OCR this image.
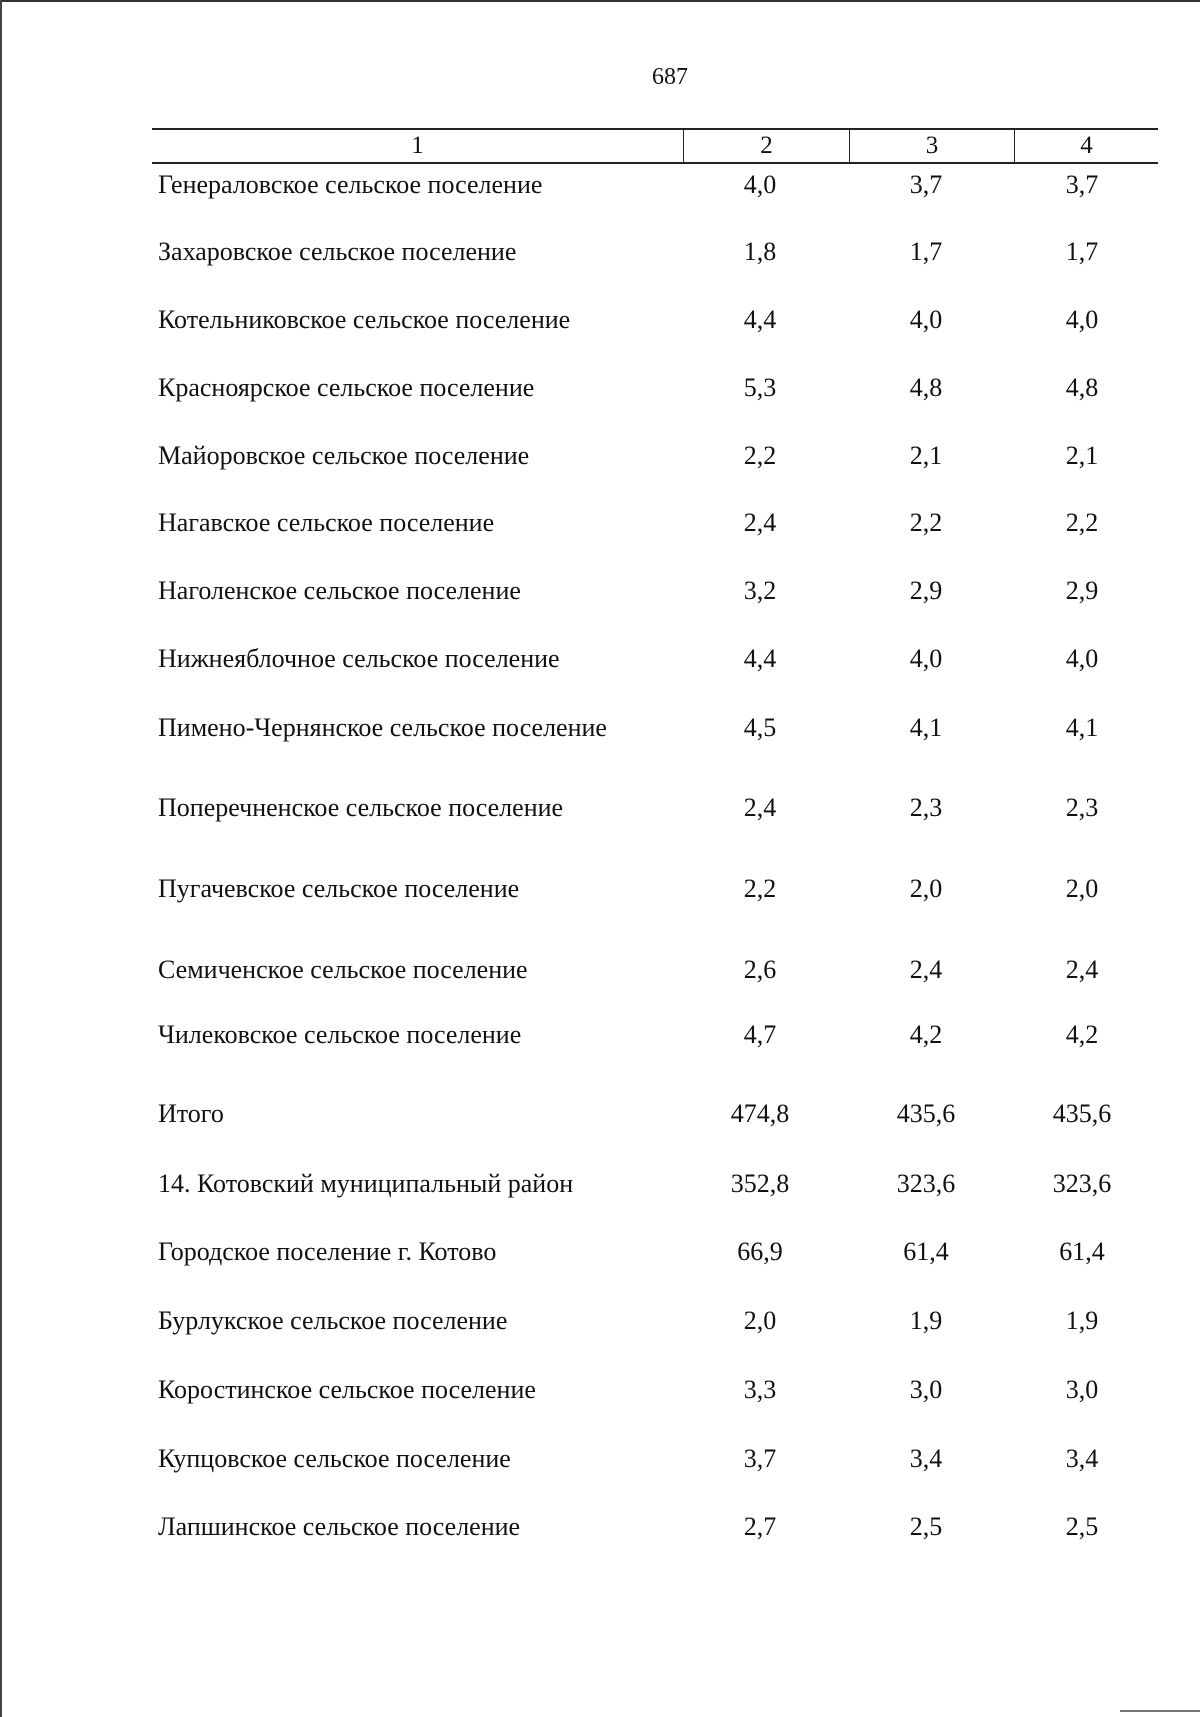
687
1	2	3	4
Генераловское сельское поселение	4,0	3,7	3,7
Захаровское сельское поселение	1,8	1,7	1,7
Котельниковское сельское поселение	4,4	4,0	4,0
Красноярское сельское поселение	5,3	4,8	4,8
Майоровское сельское поселение	2,2	2,1	2,1
Нагавское сельское поселение	2,4	2,2	2,2
Наголенское сельское поселение	3,2	2,9	2,9
Нижнеяблочное сельское поселение	4,4	4,0	4,0
Пимено-Чернянское сельское поселение	4,5	4,1	4,1
Поперечненское сельское поселение	2,4	2,3	2,3
Пугачевское сельское поселение	2,2	2,0	2,0
Семиченское сельское поселение	2,6	2,4	2,4
Чилековское сельское поселение	4,7	4,2	4,2
Итого	474,8	435,6	435,6
14. Котовский муниципальный район	352,8	323,6	323,6
Городское поселение г. Котово	66,9	61,4	61,4
Бурлукское сельское поселение	2,0	1,9	1,9
Коростинское сельское поселение	3,3	3,0	3,0
Купцовское сельское поселение	3,7	3,4	3,4
Лапшинское сельское поселение	2,7	2,5	2,5
